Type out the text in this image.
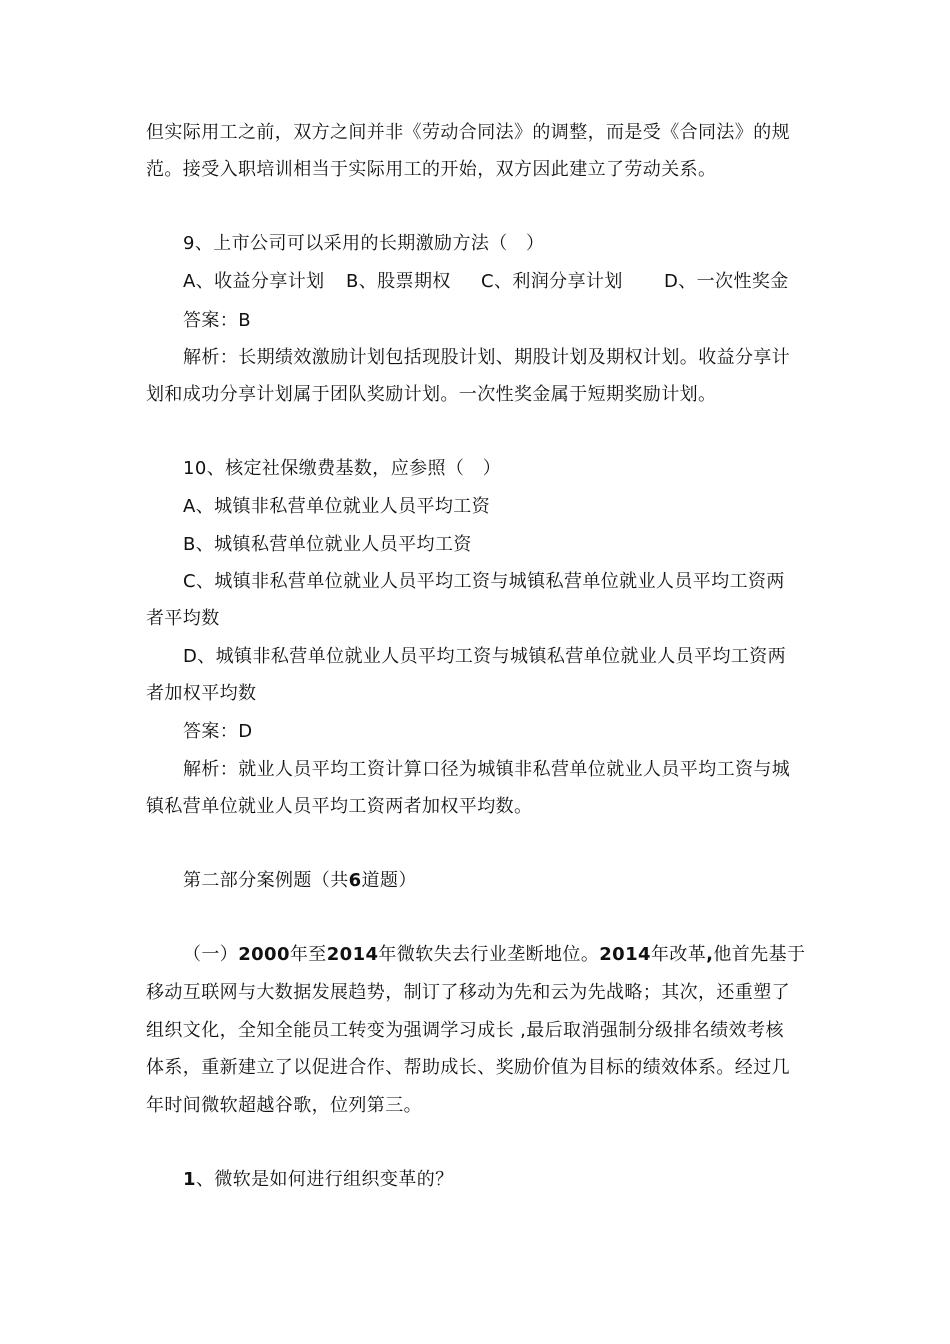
但实际用工之前，双方之间并非《劳动合同法》的调整，而是受《合同法》的规
范。接受入职培训相当于实际用工的开始，双方因此建立了劳动关系。
9、上市公司可以采用的长期激励方法（　）
A、收益分享计划 B、股票期权 C、利润分享计划 D、一次性奖金
答案：B
解析：长期绩效激励计划包括现股计划、期股计划及期权计划。收益分享计
划和成功分享计划属于团队奖励计划。一次性奖金属于短期奖励计划。
10、核定社保缴费基数，应参照（　）
A、城镇非私营单位就业人员平均工资
B、城镇私营单位就业人员平均工资
C、城镇非私营单位就业人员平均工资与城镇私营单位就业人员平均工资两
者平均数
D、城镇非私营单位就业人员平均工资与城镇私营单位就业人员平均工资两
者加权平均数
答案：D
解析：就业人员平均工资计算口径为城镇非私营单位就业人员平均工资与城
镇私营单位就业人员平均工资两者加权平均数。
第二部分案例题（共6道题）
（一）2000年至2014年微软失去行业垄断地位。2014年改革,他首先基于
移动互联网与大数据发展趋势，制订了移动为先和云为先战略；其次，还重塑了
组织文化，全知全能员工转变为强调学习成长 ,最后取消强制分级排名绩效考核
体系，重新建立了以促进合作、帮助成长、奖励价值为目标的绩效体系。经过几
年时间微软超越谷歌，位列第三。
1、微软是如何进行组织变革的？
